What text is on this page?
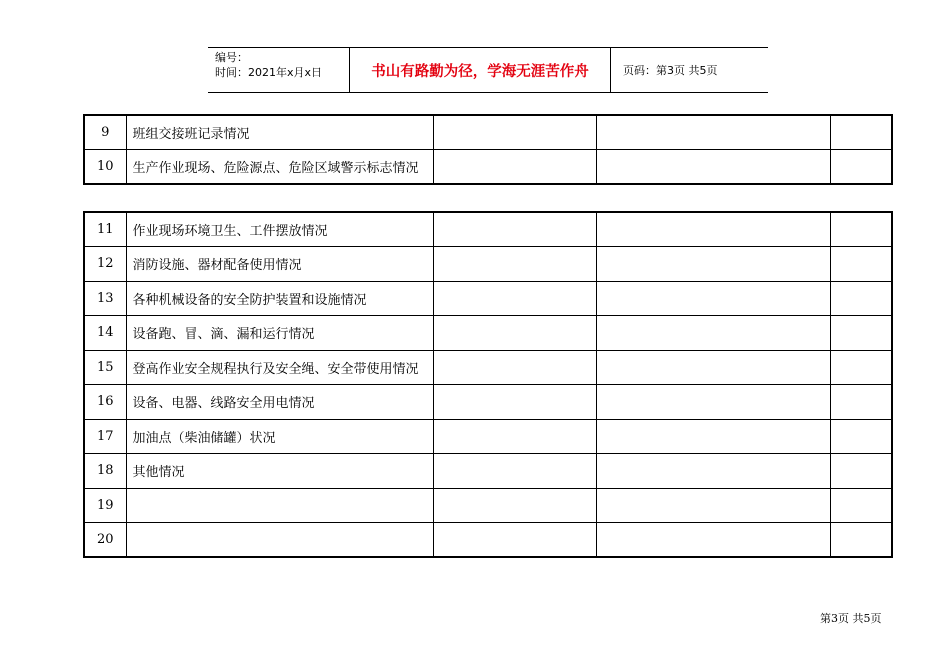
编号：
时间：2021年x月x日	书山有路勤为径，学海无涯苦作舟	页码：第3页 共5页
9	班组交接班记录情况			
10	生产作业现场、危险源点、危险区域警示标志情况			
11	作业现场环境卫生、工件摆放情况			
12	消防设施、器材配备使用情况			
13	各种机械设备的安全防护装置和设施情况			
14	设备跑、冒、滴、漏和运行情况			
15	登高作业安全规程执行及安全绳、安全带使用情况			
16	设备、电器、线路安全用电情况			
17	加油点（柴油储罐）状况			
18	其他情况			
19				
20				
第3页 共5页
